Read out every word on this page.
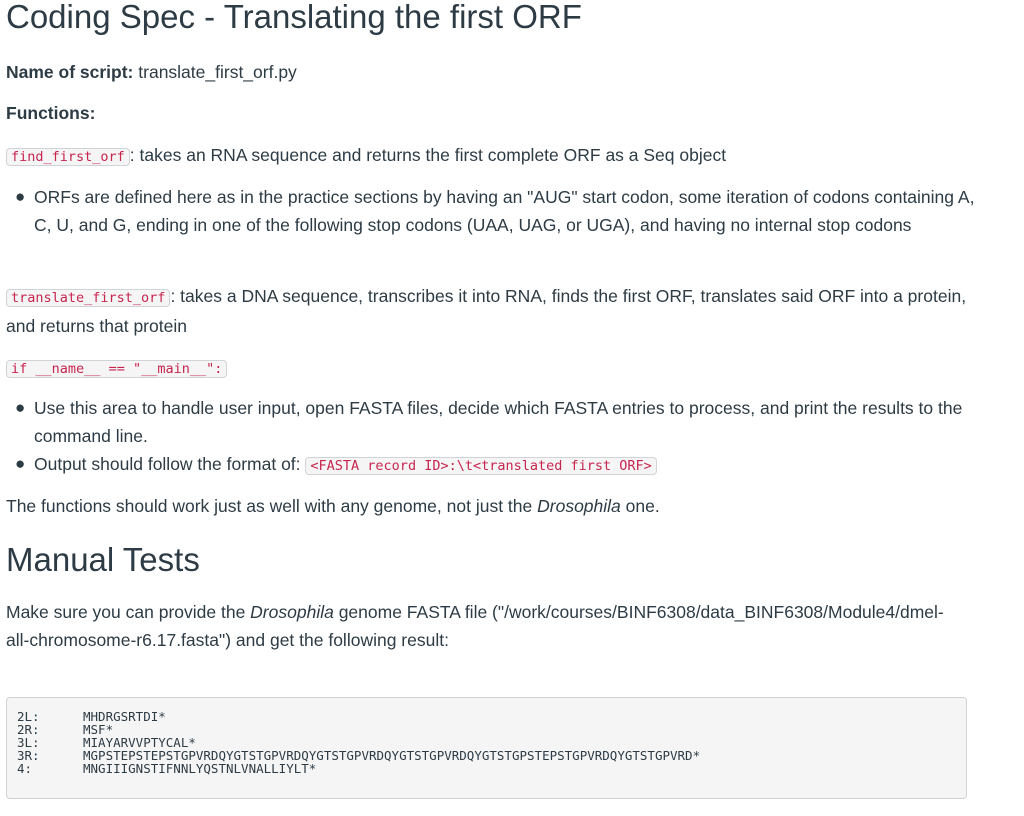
Coding Spec - Translating the first ORF

Name of script: translate_first_orf.py

Functions:

find_first_orf : takes an RNA sequence and returns the first complete ORF as a Seq object

● ORFs are defined here as in the practice sections by having an "AUG" start codon, some iteration of codons containing A, C, U, and G, ending in one of the following stop codons (UAA, UAG, or UGA), and having no internal stop codons

translate_first_orf : takes a DNA sequence, transcribes it into RNA, finds the first ORF, translates said ORF into a protein, and returns that protein

if __name__ == "__main__":

● Use this area to handle user input, open FASTA files, decide which FASTA entries to process, and print the results to the command line.
● Output should follow the format of: <FASTA record ID>:\t<translated first ORF>

The functions should work just as well with any genome, not just the Drosophila one.

Manual Tests

Make sure you can provide the Drosophila genome FASTA file ("/work/courses/BINF6308/data_BINF6308/Module4/dmel-all-chromosome-r6.17.fasta") and get the following result:

2L:	MHDRGSRTDI*
2R:	MSF*
3L:	MIAYARVVPTYCAL*
3R:	MGPSTEPSTEPSTGPVRDQYGTSTGPVRDQYGTSTGPVRDQYGTSTGPVRDQYGTSTGPSTEPSTGPVRDQYGTSTGPVRD*
4:	MNGIIIGNSTIFNNLYQSTNLVNALLIYLT*
